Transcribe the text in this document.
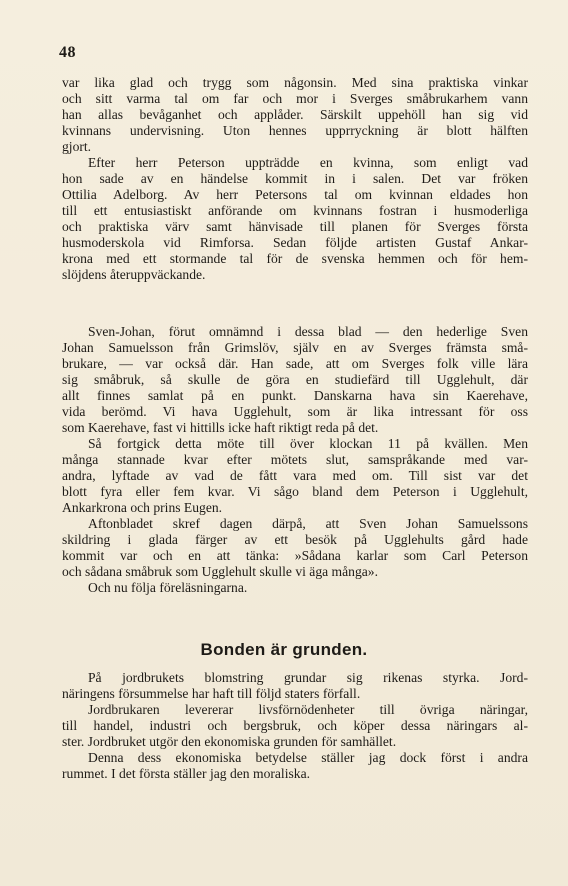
48
var lika glad och trygg som någonsin. Med sina praktiska vinkar
och sitt varma tal om far och mor i Sverges småbrukarhem vann
han allas bevåganhet och applåder. Särskilt uppehöll han sig vid
kvinnans undervisning. Uton hennes upprryckning är blott hälften
gjort.
Efter herr Peterson uppträdde en kvinna, som enligt vad
hon sade av en händelse kommit in i salen. Det var fröken
Ottilia Adelborg. Av herr Petersons tal om kvinnan eldades hon
till ett entusiastiskt anförande om kvinnans fostran i husmoderliga
och praktiska värv samt hänvisade till planen för Sverges första
husmoderskola vid Rimforsa. Sedan följde artisten Gustaf Ankar-
krona med ett stormande tal för de svenska hemmen och för hem-
slöjdens återuppväckande.
Sven-Johan, förut omnämnd i dessa blad — den hederlige Sven
Johan Samuelsson från Grimslöv, själv en av Sverges främsta små-
brukare, — var också där. Han sade, att om Sverges folk ville lära
sig småbruk, så skulle de göra en studiefärd till Ugglehult, där
allt finnes samlat på en punkt. Danskarna hava sin Kaerehave,
vida berömd. Vi hava Ugglehult, som är lika intressant för oss
som Kaerehave, fast vi hittills icke haft riktigt reda på det.
Så fortgick detta möte till över klockan 11 på kvällen. Men
många stannade kvar efter mötets slut, samspråkande med var-
andra, lyftade av vad de fått vara med om. Till sist var det
blott fyra eller fem kvar. Vi sågo bland dem Peterson i Ugglehult,
Ankarkrona och prins Eugen.
Aftonbladet skref dagen därpå, att Sven Johan Samuelssons
skildring i glada färger av ett besök på Ugglehults gård hade
kommit var och en att tänka: »Sådana karlar som Carl Peterson
och sådana småbruk som Ugglehult skulle vi äga många».
Och nu följa föreläsningarna.
Bonden är grunden.
På jordbrukets blomstring grundar sig rikenas styrka. Jord-
näringens försummelse har haft till följd staters förfall.
Jordbrukaren levererar livsförnödenheter till övriga näringar,
till handel, industri och bergsbruk, och köper dessa näringars al-
ster. Jordbruket utgör den ekonomiska grunden för samhället.
Denna dess ekonomiska betydelse ställer jag dock först i andra
rummet. I det första ställer jag den moraliska.
